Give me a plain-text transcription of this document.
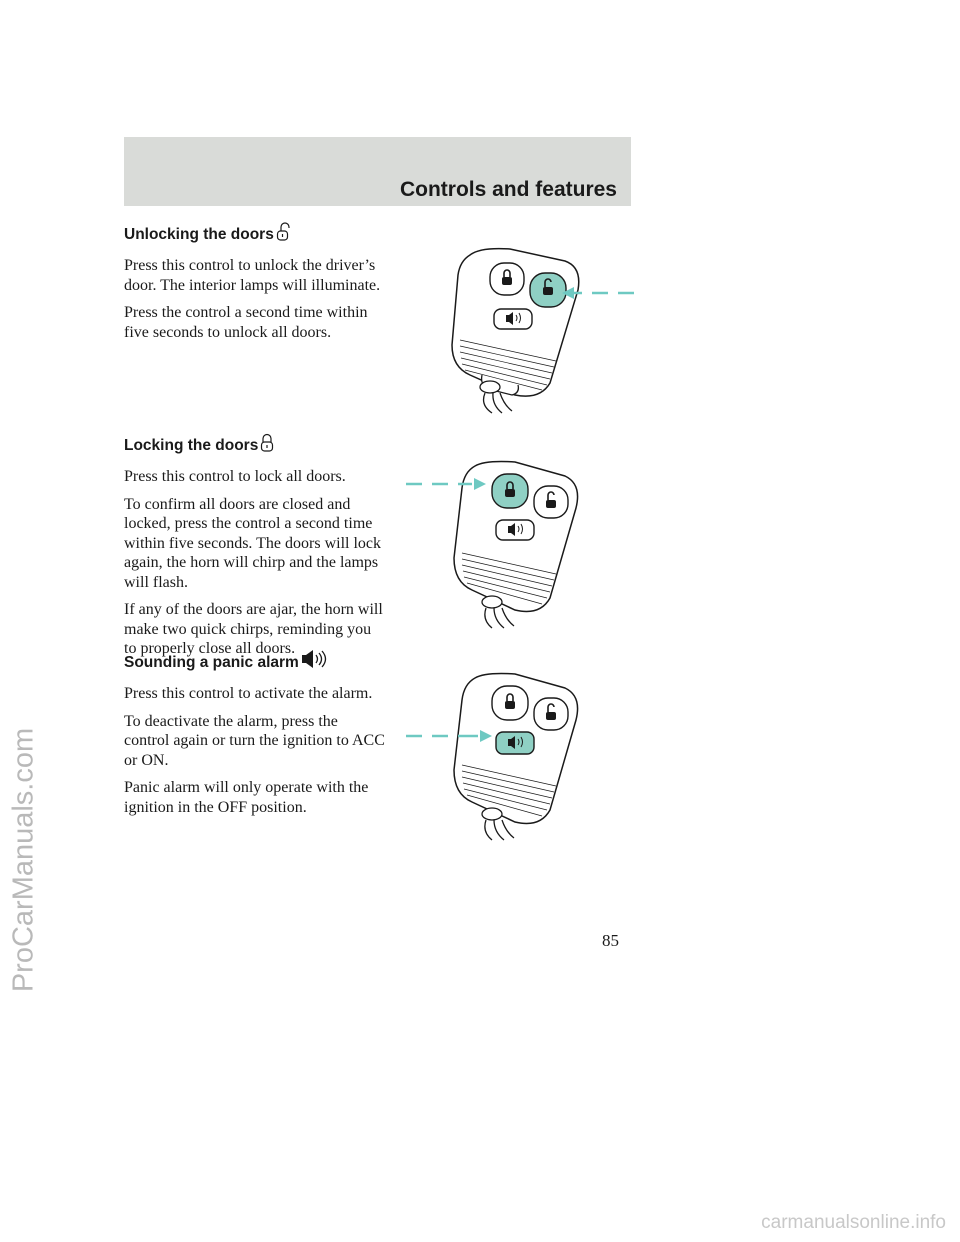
ProCarManuals.com
Controls and features
Unlocking the doors

Press this control to unlock the driver’s door. The interior lamps will illuminate.

Press the control a second time within five seconds to unlock all doors.

Locking the doors

Press this control to lock all doors.

To confirm all doors are closed and locked, press the control a second time within five seconds. The doors will lock again, the horn will chirp and the lamps will flash.

If any of the doors are ajar, the horn will make two quick chirps, reminding you to properly close all doors.

Sounding a panic alarm

Press this control to activate the alarm.

To deactivate the alarm, press the control again or turn the ignition to ACC or ON.

Panic alarm will only operate with the ignition in the OFF position.

85
carmanualsonline.info
